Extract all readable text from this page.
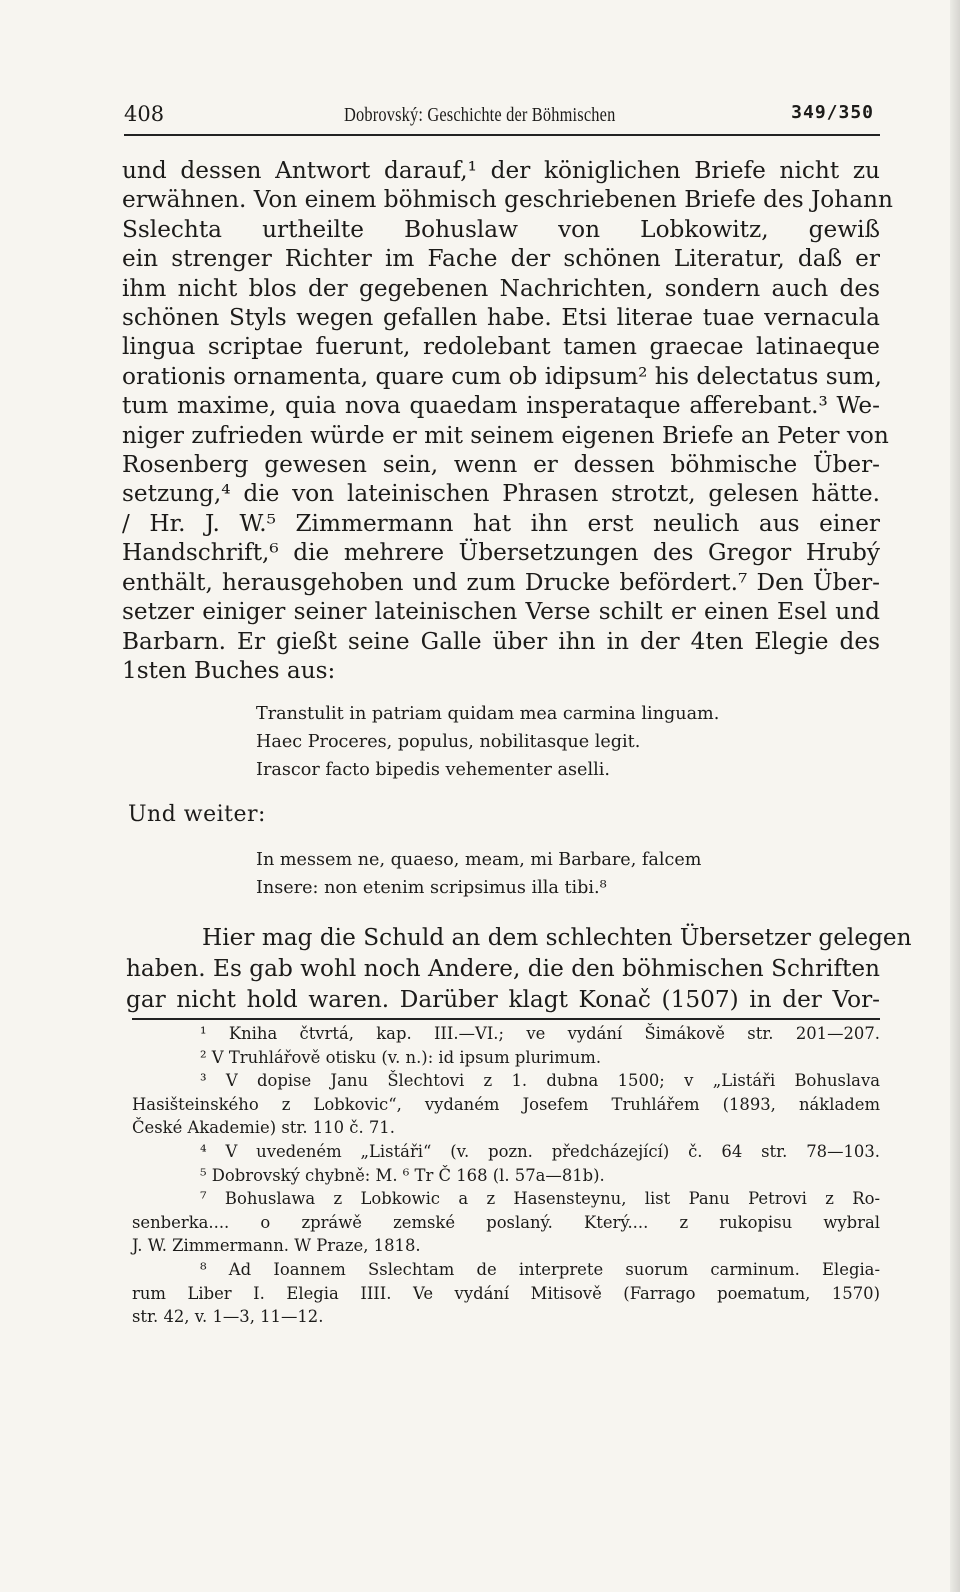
408	Dobrovský: Geschichte der Böhmischen	349/350
und dessen Antwort darauf,¹ der königlichen Briefe nicht zu
erwähnen. Von einem böhmisch geschriebenen Briefe des Johann
Sslechta urtheilte Bohuslaw von Lobkowitz, gewiß
ein strenger Richter im Fache der schönen Literatur, daß er
ihm nicht blos der gegebenen Nachrichten, sondern auch des
schönen Styls wegen gefallen habe. Etsi literae tuae vernacula
lingua scriptae fuerunt, redolebant tamen graecae latinaeque
orationis ornamenta, quare cum ob idipsum² his delectatus sum,
tum maxime, quia nova quaedam insperataque afferebant.³ We-
niger zufrieden würde er mit seinem eigenen Briefe an Peter von
Rosenberg gewesen sein, wenn er dessen böhmische Über-
setzung,⁴ die von lateinischen Phrasen strotzt, gelesen hätte.
/ Hr. J. W.⁵ Zimmermann hat ihn erst neulich aus einer
Handschrift,⁶ die mehrere Übersetzungen des Gregor Hrubý
enthält, herausgehoben und zum Drucke befördert.⁷ Den Über-
setzer einiger seiner lateinischen Verse schilt er einen Esel und
Barbarn. Er gießt seine Galle über ihn in der 4ten Elegie des
1sten Buches aus:
Transtulit in patriam quidam mea carmina linguam.
Haec Proceres, populus, nobilitasque legit.
Irascor facto bipedis vehementer aselli.
Und weiter:
In messem ne, quaeso, meam, mi Barbare, falcem
Insere: non etenim scripsimus illa tibi.⁸
Hier mag die Schuld an dem schlechten Übersetzer gelegen
haben. Es gab wohl noch Andere, die den böhmischen Schriften
gar nicht hold waren. Darüber klagt Konač (1507) in der Vor-
¹ Kniha čtvrtá, kap. III.—VI.; ve vydání Šimákově str. 201—207.
² V Truhlářově otisku (v. n.): id ipsum plurimum.
³ V dopise Janu Šlechtovi z 1. dubna 1500; v „Listáři Bohuslava
Hasišteinského z Lobkovic“, vydaném Josefem Truhlářem (1893, nákladem
České Akademie) str. 110 č. 71.
⁴ V uvedeném „Listáři“ (v. pozn. předcházející) č. 64 str. 78—103.
⁵ Dobrovský chybně: M. ⁶ Tr Č 168 (l. 57a—81b).
⁷ Bohuslawa z Lobkowic a z Hasensteynu, list Panu Petrovi z Ro-
senberka.... o zpráwě zemské poslaný. Který.... z rukopisu wybral
J. W. Zimmermann. W Praze, 1818.
⁸ Ad Ioannem Sslechtam de interprete suorum carminum. Elegia-
rum Liber I. Elegia IIII. Ve vydání Mitisově (Farrago poematum, 1570)
str. 42, v. 1—3, 11—12.
